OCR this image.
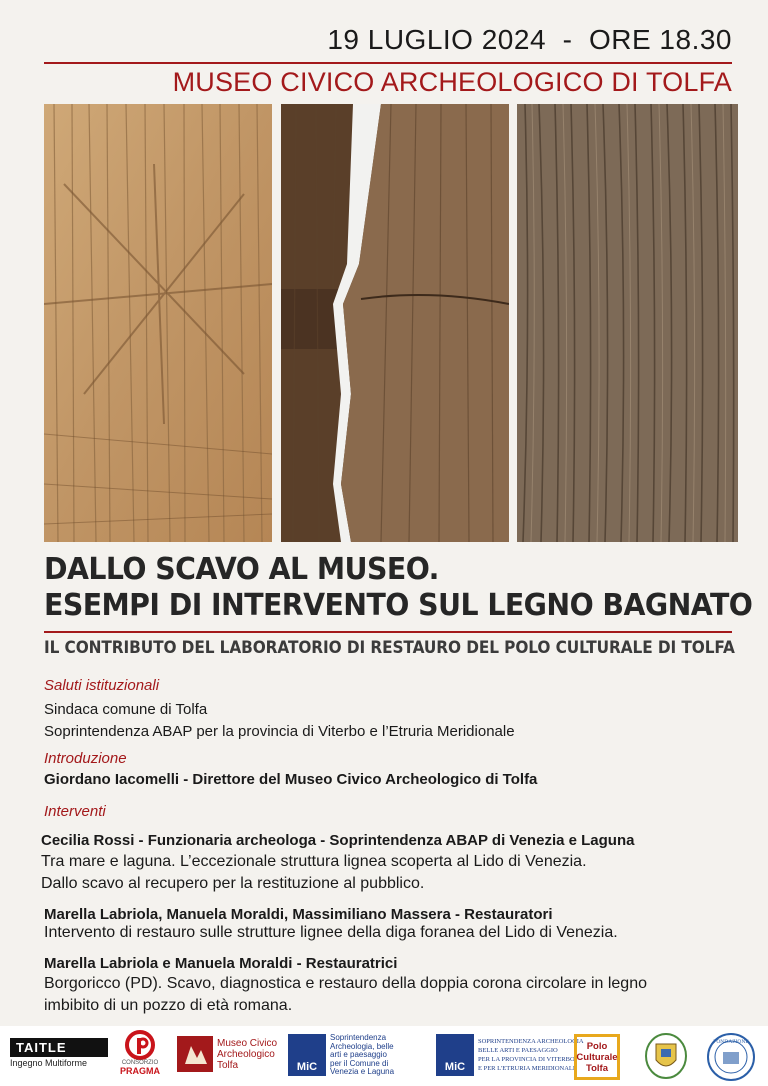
19 LUGLIO 2024  -  ORE 18.30
MUSEO CIVICO ARCHEOLOGICO DI TOLFA
DALLO SCAVO AL MUSEO.
ESEMPI DI INTERVENTO SUL LEGNO BAGNATO
IL CONTRIBUTO DEL LABORATORIO DI RESTAURO DEL POLO CULTURALE DI TOLFA
Saluti istituzionali
Sindaca comune di Tolfa
Soprintendenza ABAP per la provincia di Viterbo e l’Etruria Meridionale
Introduzione
Giordano Iacomelli - Direttore del Museo Civico Archeologico di Tolfa
Interventi
Cecilia Rossi - Funzionaria archeologa - Soprintendenza ABAP di Venezia e Laguna
Tra mare e laguna. L’eccezionale struttura lignea scoperta al Lido di Venezia.
Dallo scavo al recupero per la restituzione al pubblico.
Marella Labriola, Manuela Moraldi, Massimiliano Massera - Restauratori
Intervento di restauro sulle strutture lignee della diga foranea del Lido di Venezia.
Marella Labriola e Manuela Moraldi - Restauratrici
Borgoricco (PD). Scavo, diagnostica e restauro della doppia corona circolare in legno
imbibito di un pozzo di età romana.
TAITLE
Ingegno Multiforme	CONSORZIO
PRAGMA
Museo Civico
Archeologico
Tolfa	MiC
Soprintendenza
Archeologia, belle
arti e paesaggio
per il Comune di
Venezia e Laguna	MiC
SOPRINTENDENZA ARCHEOLOGIA
BELLE ARTI E PAESAGGIO
PER LA PROVINCIA DI VITERBO
E PER L'ETRURIA MERIDIONALE
Polo
Culturale
Tolfa
FONDAZIONE
